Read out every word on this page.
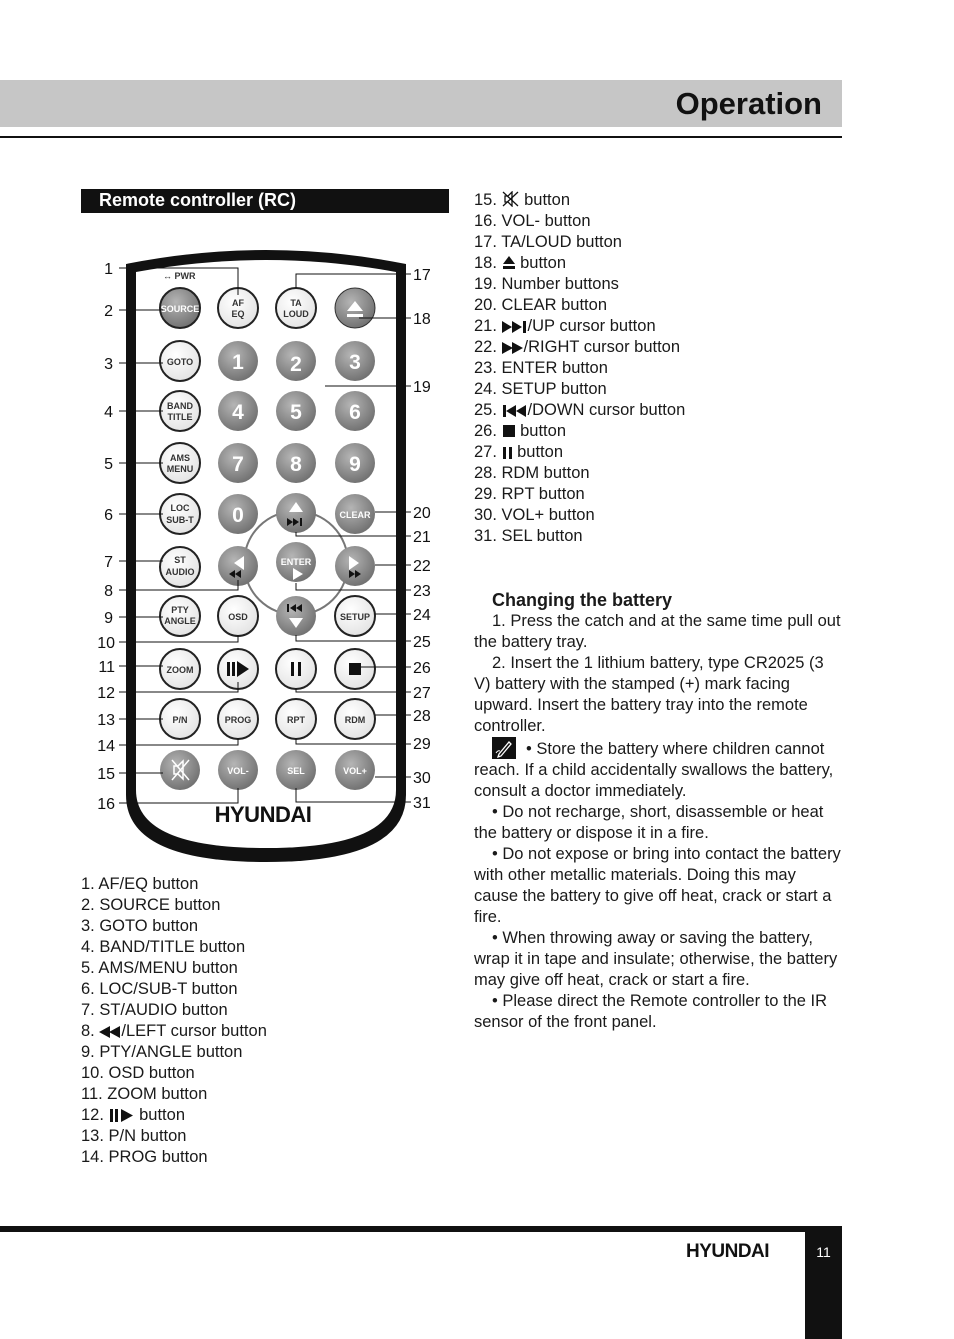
Operation
Remote controller (RC)
↔ PWR
SOURCE
AF
EQ
TA
LOUD
GOTO 1 2 3
BAND
TITLE 4 5 6
AMS
MENU 7 8 9
LOC
SUB-T 0	CLEAR
ENTER
ST
AUDIO
PTY
ANGLE	OSD	SETUP
ZOOM
P/N	PROG	RPT	RDM
VOL-	SEL	VOL+
HYUNDAI
1
2
3
4
5
6
7
8
9
10
11
12
13
14
15
16
17
18
19
20
21
22
23
24
25
26
27
28
29
30
31
1. AF/EQ button
2. SOURCE button
3. GOTO button
4. BAND/TITLE button
5. AMS/MENU button
6. LOC/SUB-T button
7. ST/AUDIO button
8. /LEFT cursor button
9. PTY/ANGLE button
10. OSD button
11. ZOOM button
12.  button
13. P/N button
14. PROG button
15.  button
16. VOL- button
17. TA/LOUD button
18.  button
19. Number buttons
20. CLEAR button
21. /UP cursor button
22. /RIGHT cursor button
23. ENTER button
24. SETUP button
25. /DOWN cursor button
26.  button
27.  button
28. RDM button
29. RPT button
30. VOL+ button
31. SEL button

Changing the battery

1. Press the catch and at the same time pull out the battery tray.

2. Insert the 1 lithium battery, type CR2025 (3 V) battery with the stamped (+) mark facing upward. Insert the battery tray into the remote controller.

• Store the battery where children cannot reach. If a child accidentally swallows the battery, consult a doctor immediately.

• Do not recharge, short, disassemble or heat the battery or dispose it in a fire.

• Do not expose or bring into contact the battery with other metallic materials. Doing this may cause the battery to give off heat, crack or start a fire.

• When throwing away or saving the battery, wrap it in tape and insulate; otherwise, the battery may give off heat, crack or start a fire.

• Please direct the Remote controller to the IR sensor of the front panel.

11
HYUNDAI
